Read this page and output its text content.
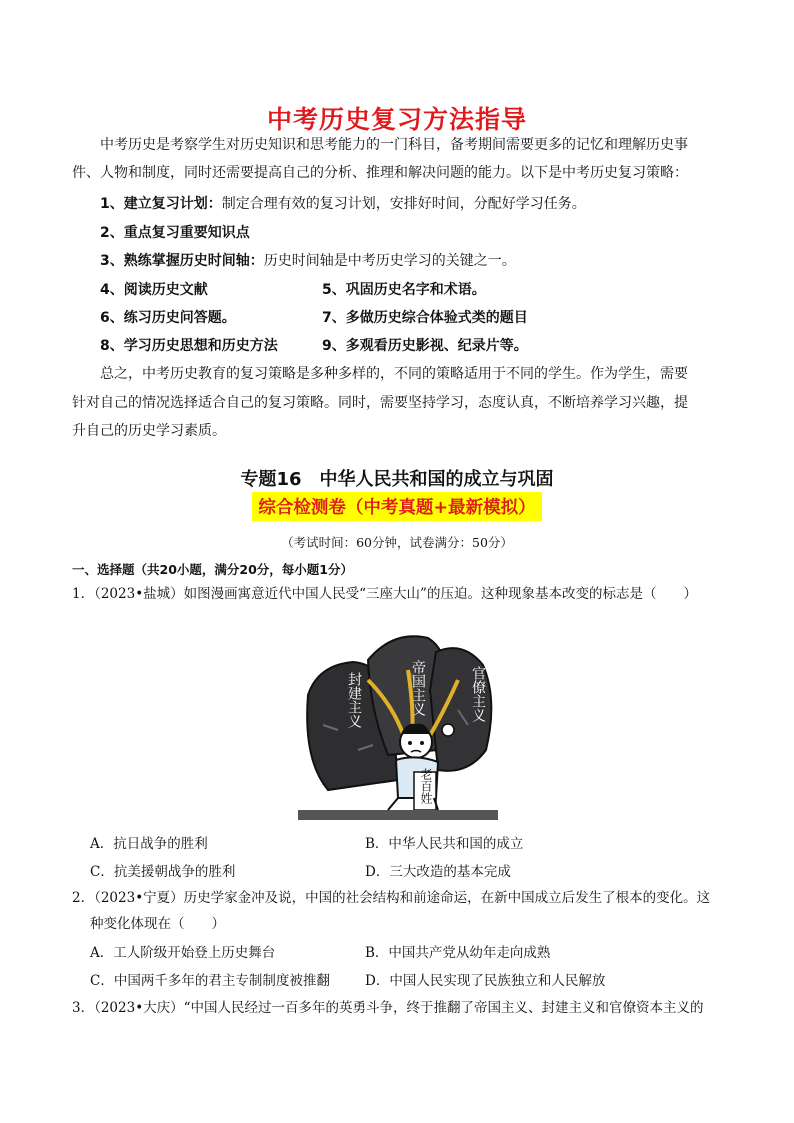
中考历史复习方法指导
中考历史是考察学生对历史知识和思考能力的一门科目，备考期间需要更多的记忆和理解历史事
件、人物和制度，同时还需要提高自己的分析、推理和解决问题的能力。以下是中考历史复习策略：
1、建立复习计划：制定合理有效的复习计划，安排好时间，分配好学习任务。
2、重点复习重要知识点
3、熟练掌握历史时间轴：历史时间轴是中考历史学习的关键之一。
4、阅读历史文献	5、巩固历史名字和术语。
6、练习历史问答题。	7、多做历史综合体验式类的题目
8、学习历史思想和历史方法	9、多观看历史影视、纪录片等。
总之，中考历史教育的复习策略是多种多样的，不同的策略适用于不同的学生。作为学生，需要
针对自己的情况选择适合自己的复习策略。同时，需要坚持学习，态度认真，不断培养学习兴趣，提
升自己的历史学习素质。
专题16　中华人民共和国的成立与巩固
综合检测卷（中考真题+最新模拟）
（考试时间：60分钟，试卷满分：50分）
一、选择题（共20小题，满分20分，每小题1分）
1．（2023•盐城）如图漫画寓意近代中国人民受“三座大山”的压迫。这种现象基本改变的标志是（　　）
封建主义	帝国主义	官僚主义
老百姓
A．抗日战争的胜利	B．中华人民共和国的成立
C．抗美援朝战争的胜利	D．三大改造的基本完成
2．（2023•宁夏）历史学家金冲及说，中国的社会结构和前途命运，在新中国成立后发生了根本的变化。这
种变化体现在（　　）
A．工人阶级开始登上历史舞台	B．中国共产党从幼年走向成熟
C．中国两千多年的君主专制制度被推翻	D．中国人民实现了民族独立和人民解放
3．（2023•大庆）“中国人民经过一百多年的英勇斗争，终于推翻了帝国主义、封建主义和官僚资本主义的
